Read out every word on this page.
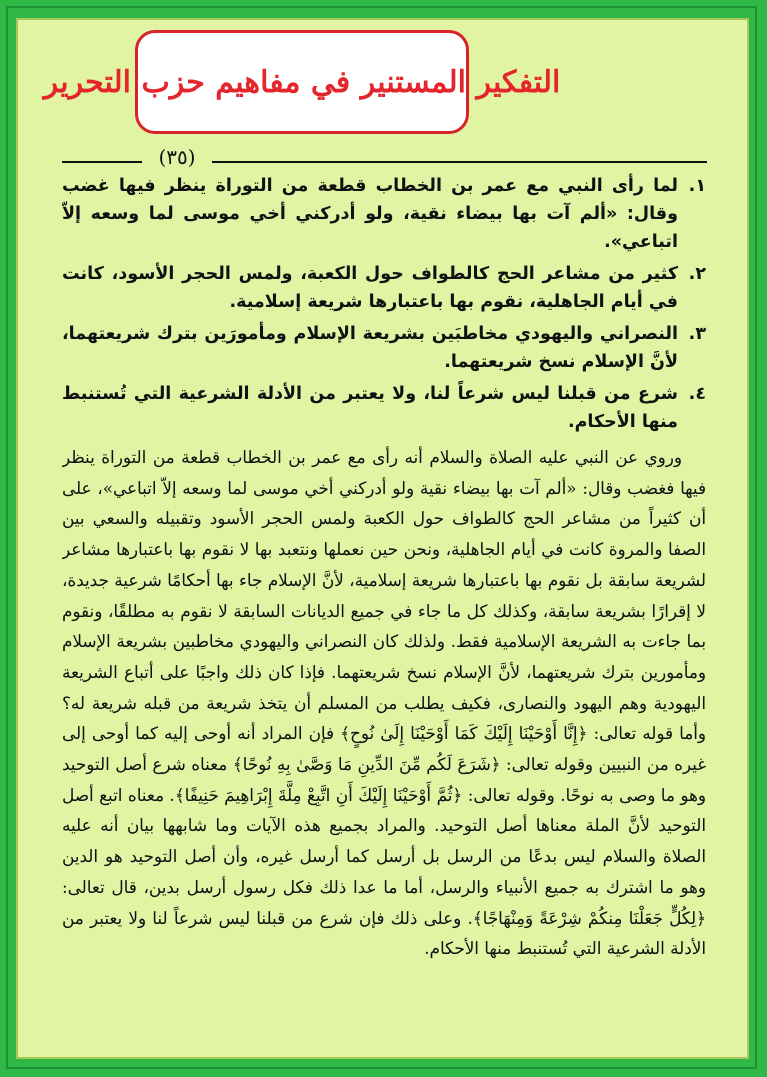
التفكير المستنير في مفاهيم حزب التحرير
(٣٥)
١.
لما رأى النبي مع عمر بن الخطاب قطعة من التوراة ينظر فيها غضب وقال: «ألم آت بها بيضاء نقية، ولو أدركني أخي موسى لما وسعه إلاّ اتباعي».
٢.
كثير من مشاعر الحج كالطواف حول الكعبة، ولمس الحجر الأسود، كانت في أيام الجاهلية، نقوم بها باعتبارها شريعة إسلامية.
٣.
النصراني واليهودي مخاطبَين بشريعة الإسلام ومأمورَين بترك شريعتهما، لأنَّ الإسلام نسخ شريعتهما.
٤.
شرع من قبلنا ليس شرعاً لنا، ولا يعتبر من الأدلة الشرعية التي تُستنبط منها الأحكام.

وروي عن النبي عليه الصلاة والسلام أنه رأى مع عمر بن الخطاب قطعة من التوراة ينظر فيها فغضب وقال: «ألم آت بها بيضاء نقية ولو أدركني أخي موسى لما وسعه إلاّ اتباعي»، على أن كثيراً من مشاعر الحج كالطواف حول الكعبة ولمس الحجر الأسود وتقبيله والسعي بين الصفا والمروة كانت في أيام الجاهلية، ونحن حين نعملها ونتعبد بها لا نقوم بها باعتبارها مشاعر لشريعة سابقة بل نقوم بها باعتبارها شريعة إسلامية، لأنَّ الإسلام جاء بها أحكامًا شرعية جديدة، لا إقرارًا بشريعة سابقة، وكذلك كل ما جاء في جميع الديانات السابقة لا نقوم به مطلقًا، ونقوم بما جاءت به الشريعة الإسلامية فقط. ولذلك كان النصراني واليهودي مخاطبين بشريعة الإسلام ومأمورين بترك شريعتهما، لأنَّ الإسلام نسخ شريعتهما. فإذا كان ذلك واجبًا على أتباع الشريعة اليهودية وهم اليهود والنصارى، فكيف يطلب من المسلم أن يتخذ شريعة من قبله شريعة له؟ وأما قوله تعالى: ﴿إِنَّا أَوْحَيْنَا إِلَيْكَ كَمَا أَوْحَيْنَا إِلَىٰ نُوحٍ﴾ فإن المراد أنه أوحى إليه كما أوحى إلى غيره من النبيين وقوله تعالى: ﴿شَرَعَ لَكُم مِّنَ الدِّينِ مَا وَصَّىٰ بِهِ نُوحًا﴾ معناه شرع أصل التوحيد وهو ما وصى به نوحًا. وقوله تعالى: ﴿ثُمَّ أَوْحَيْنَا إِلَيْكَ أَنِ اتَّبِعْ مِلَّةَ إِبْرَاهِيمَ حَنِيفًا﴾. معناه اتبع أصل التوحيد لأنَّ الملة معناها أصل التوحيد. والمراد بجميع هذه الآيات وما شابهها بيان أنه عليه الصلاة والسلام ليس بدعًا من الرسل بل أرسل كما أرسل غيره، وأن أصل التوحيد هو الدين وهو ما اشترك به جميع الأنبياء والرسل، أما ما عدا ذلك فكل رسول أرسل بدين، قال تعالى: ﴿لِكُلٍّ جَعَلْنَا مِنكُمْ شِرْعَةً وَمِنْهَاجًا﴾. وعلى ذلك فإن شرع من قبلنا ليس شرعاً لنا ولا يعتبر من الأدلة الشرعية التي تُستنبط منها الأحكام.
